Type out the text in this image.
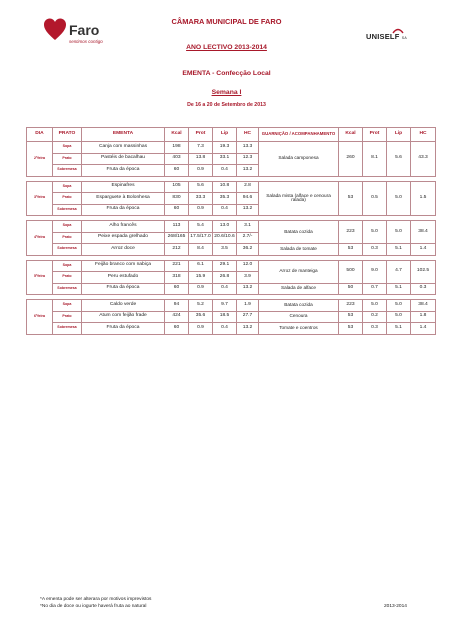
Faro
sentimos contigo
CÂMARA MUNICIPAL DE FARO
UNISELF SA
ANO LECTIVO 2013-2014
EMENTA - Confecção Local
Semana I
De 16 a 20 de Setembro de 2013
DIA	PRATO	EMENTA	Kcal	Prot	Lip	HC	GUARNIÇÃO / ACOMPANHAMENTO	Kcal	Prot	Lip	HC
2ªfeira	Sopa	Canja com massinhas	198	7.3	19.3	13.3	Salada camponesa	260	8.1	5.6	43.3
	Prato	Pastéis de bacalhau	403	13.8	33.1	12.3					
	Sobremesa	Fruta da época	60	0.9	0.4	13.2					

3ªfeira	Sopa	Espinafres	105	5.6	10.8	2.8	Salada mista (alface e cenoura ralada)	53	0.5	5.0	1.5
	Prato	Esparguete à Bolonhesa	830	33.3	35.3	94.6					
	Sobremesa	Fruta da época	60	0.9	0.4	13.2					

4ªfeira	Sopa	Alho francês	113	5.4	13.0	3.1	Batata cozida	223	5.0	5.0	38.4
	Prato	Peixe espada grelhado	268/165	17.5/17.0	20.6/10.6	2.7/-					
	Sobremesa	Arroz doce	212	8.4	3.5	36.2	Salada de tomate	53	0.3	5.1	1.4

5ªfeira	Sopa	Feijão branco com nabiça	221	6.1	29.1	12.0	Arroz de manteiga	500	9.0	4.7	102.5
	Prato	Peru estufado	318	15.9	26.8	3.9					
	Sobremesa	Fruta da época	60	0.9	0.4	13.2	Salada de alface	50	0.7	5.1	0.3

6ªfeira	Sopa	Caldo verde	94	5.2	9.7	1.9	Batata cozida	223	5.0	5.0	38.4
	Prato	Atum com feijão frade	424	35.6	18.5	27.7	Cenoura	53	0.2	5.0	1.8
	Sobremesa	Fruta da época	60	0.9	0.4	13.2	Tomate e coentros	53	0.3	5.1	1.4
*A ementa pode ser alterara por motivos imprevistos
*No dia de doce ou iogurte haverá fruta ao natural	2013-2014
